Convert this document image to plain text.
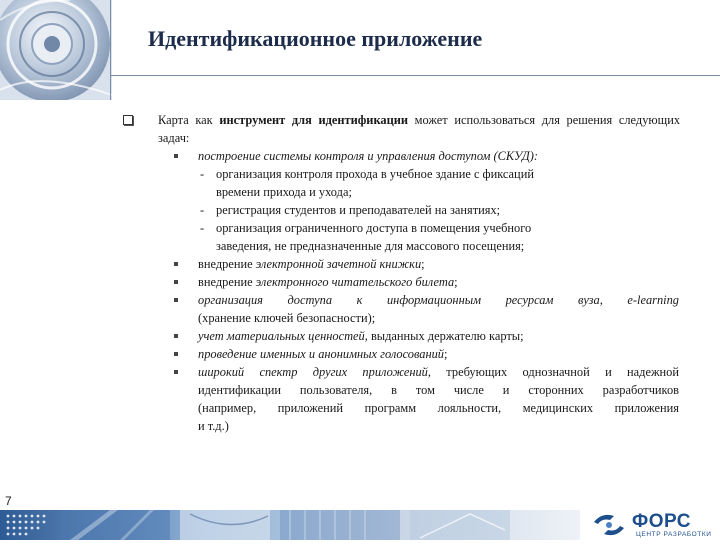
Идентификационное приложение
Карта как инструмент для идентификации может использоваться для решения следующих задач:
построение системы контроля и управления доступом (СКУД):
- организация контроля прохода в учебное здание с фиксаций
времени прихода и ухода;
- регистрация студентов и преподавателей на занятиях;
- организация ограниченного доступа в помещения учебного
заведения, не предназначенные для массового посещения;
внедрение электронной зачетной книжки;
внедрение электронного читательского билета;
организация доступа к информационным ресурсам вуза, e-learning
(хранение ключей безопасности);
учет материальных ценностей, выданных держателю карты;
проведение именных и анонимных голосований;
широкий спектр других приложений, требующих однозначной и надежной
идентификации пользователя, в том числе и сторонних разработчиков
(например, приложений программ лояльности, медицинских приложения
и т.д.)
7
ФОРС
ЦЕНТР РАЗРАБОТКИ
